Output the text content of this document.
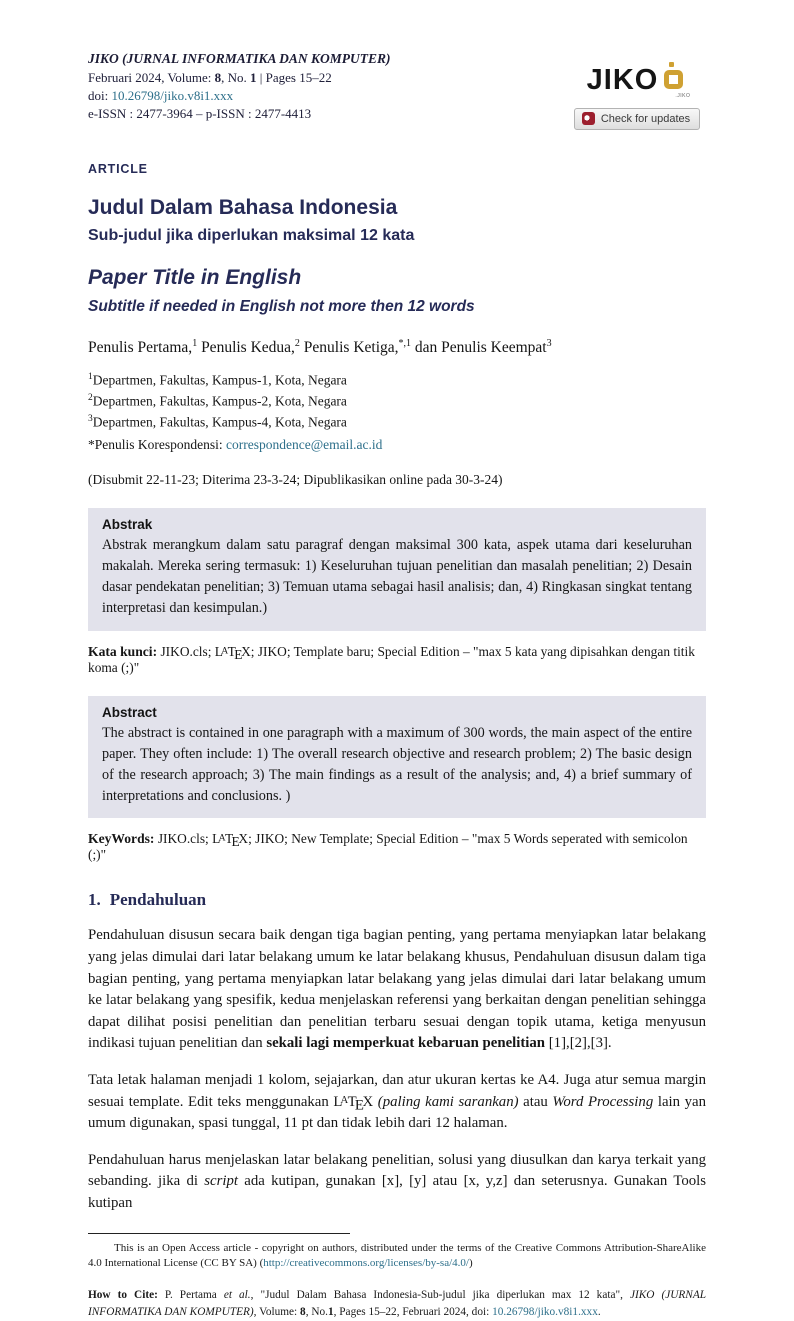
JIKO (JURNAL INFORMATIKA DAN KOMPUTER)
Februari 2024, Volume: 8, No. 1 | Pages 15–22
doi: 10.26798/jiko.v8i1.xxx
e-ISSN : 2477-3964 – p-ISSN : 2477-4413
JIKO	.JIKO
Check for updates
ARTICLE
Judul Dalam Bahasa Indonesia
Sub-judul jika diperlukan maksimal 12 kata
Paper Title in English
Subtitle if needed in English not more then 12 words

Penulis Pertama,$^1$ Penulis Kedua,$^2$ Penulis Ketiga,$^{*,1}$ dan Penulis Keempat$^3$

$^1$Departmen, Fakultas, Kampus-1, Kota, Negara
$^2$Departmen, Fakultas, Kampus-2, Kota, Negara
$^3$Departmen, Fakultas, Kampus-4, Kota, Negara
*Penulis Korespondensi: correspondence@email.ac.id
(Disubmit 22-11-23; Diterima 23-3-24; Dipublikasikan online pada 30-3-24)
Abstrak
Abstrak merangkum dalam satu paragraf dengan maksimal 300 kata, aspek utama dari keseluruhan makalah. Mereka sering termasuk: 1) Keseluruhan tujuan penelitian dan masalah penelitian; 2) Desain dasar pendekatan penelitian; 3) Temuan utama sebagai hasil analisis; dan, 4) Ringkasan singkat tentang interpretasi dan kesimpulan.)

Kata kunci: JIKO.cls; LATEX; JIKO; Template baru; Special Edition – "max 5 kata yang dipisahkan dengan titik koma (;)"

Abstract
The abstract is contained in one paragraph with a maximum of 300 words, the main aspect of the entire paper. They often include: 1) The overall research objective and research problem; 2) The basic design of the research approach; 3) The main findings as a result of the analysis; and, 4) a brief summary of interpretations and conclusions. )

KeyWords: JIKO.cls; LATEX; JIKO; New Template; Special Edition – "max 5 Words seperated with semicolon (;)"

1. Pendahuluan

Pendahuluan disusun secara baik dengan tiga bagian penting, yang pertama menyiapkan latar belakang yang jelas dimulai dari latar belakang umum ke latar belakang khusus, Pendahuluan disusun dalam tiga bagian penting, yang pertama menyiapkan latar belakang yang jelas dimulai dari latar belakang umum ke latar belakang yang spesifik, kedua menjelaskan referensi yang berkaitan dengan penelitian sehingga dapat dilihat posisi penelitian dan penelitian terbaru sesuai dengan topik utama, ketiga menyusun indikasi tujuan penelitian dan sekali lagi memperkuat kebaruan penelitian [1],[2],[3].

Tata letak halaman menjadi 1 kolom, sejajarkan, dan atur ukuran kertas ke A4. Juga atur semua margin sesuai template. Edit teks menggunakan LATEX (paling kami sarankan) atau Word Processing lain yan umum digunakan, spasi tunggal, 11 pt dan tidak lebih dari 12 halaman.

Pendahuluan harus menjelaskan latar belakang penelitian, solusi yang diusulkan dan karya terkait yang sebanding. jika di script ada kutipan, gunakan [x], [y] atau [x, y,z] dan seterusnya. Gunakan Tools kutipan

This is an Open Access article - copyright on authors, distributed under the terms of the Creative Commons Attribution-ShareAlike 4.0 International License (CC BY SA) (http://creativecommons.org/licenses/by-sa/4.0/)

How to Cite: P. Pertama et al., "Judul Dalam Bahasa Indonesia-Sub-judul jika diperlukan max 12 kata", JIKO (JURNAL INFORMATIKA DAN KOMPUTER), Volume: 8, No.1, Pages 15–22, Februari 2024, doi: 10.26798/jiko.v8i1.xxx.
